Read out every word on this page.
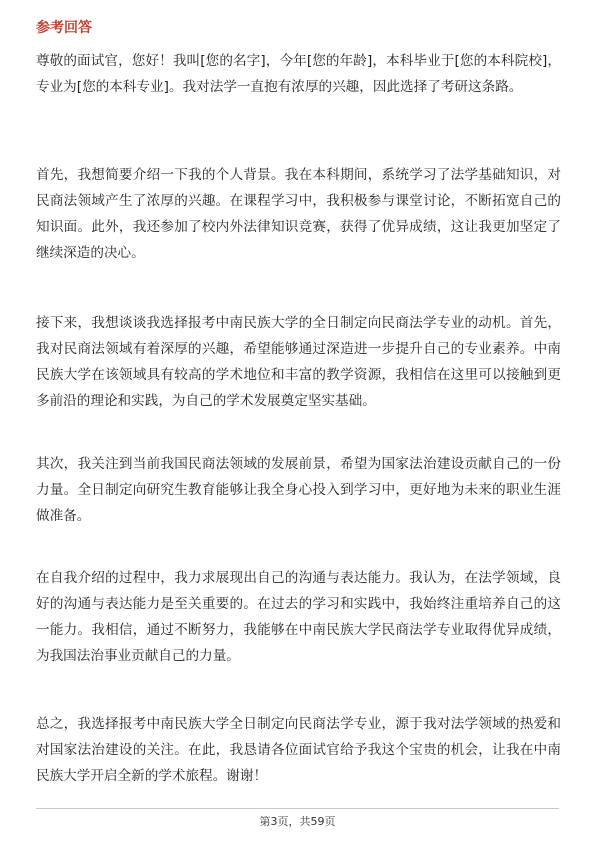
参考回答

尊敬的面试官，您好！我叫[您的名字]，今年[您的年龄]，本科毕业于[您的本科院校]，专业为[您的本科专业]。我对法学一直抱有浓厚的兴趣，因此选择了考研这条路。

首先，我想简要介绍一下我的个人背景。我在本科期间，系统学习了法学基础知识，对民商法领域产生了浓厚的兴趣。在课程学习中，我积极参与课堂讨论，不断拓宽自己的知识面。此外，我还参加了校内外法律知识竞赛，获得了优异成绩，这让我更加坚定了继续深造的决心。

接下来，我想谈谈我选择报考中南民族大学的全日制定向民商法学专业的动机。首先，我对民商法领域有着深厚的兴趣，希望能够通过深造进一步提升自己的专业素养。中南民族大学在该领域具有较高的学术地位和丰富的教学资源，我相信在这里可以接触到更多前沿的理论和实践，为自己的学术发展奠定坚实基础。

其次，我关注到当前我国民商法领域的发展前景，希望为国家法治建设贡献自己的一份力量。全日制定向研究生教育能够让我全身心投入到学习中，更好地为未来的职业生涯做准备。

在自我介绍的过程中，我力求展现出自己的沟通与表达能力。我认为，在法学领域，良好的沟通与表达能力是至关重要的。在过去的学习和实践中，我始终注重培养自己的这一能力。我相信，通过不断努力，我能够在中南民族大学民商法学专业取得优异成绩，为我国法治事业贡献自己的力量。

总之，我选择报考中南民族大学全日制定向民商法学专业，源于我对法学领域的热爱和对国家法治建设的关注。在此，我恳请各位面试官给予我这个宝贵的机会，让我在中南民族大学开启全新的学术旅程。谢谢！

第3页，共59页
